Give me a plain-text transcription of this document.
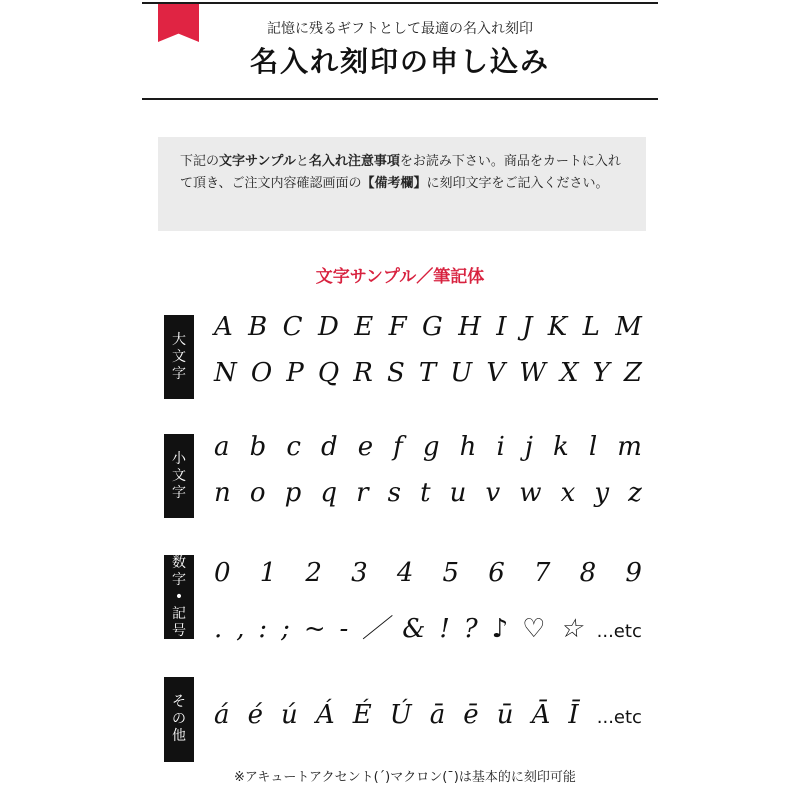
記憶に残るギフトとして最適の名入れ刻印
名入れ刻印の申し込み
下記の文字サンプルと名入れ注意事項をお読み下さい。商品をカートに入れて頂き、ご注文内容確認画面の【備考欄】に刻印文字をご記入ください。
文字サンプル／筆記体
大
文
字
A B C D E F G H I J K L M
N O P Q R S T U V W X Y Z
小
文
字
a b c d e f g h i j k l m
n o p q r s t u v w x y z
数
字
•
記
号
0 1 2 3 4 5 6 7 8 9
. , : ; ~ - ／ & ! ? ♪ ♡ ☆ ...etc
そ
の
他
á é ú Á É Ú ā ē ū Ā Ī ...etc
※アキュートアクセント(´)マクロン(¯)は基本的に刻印可能
